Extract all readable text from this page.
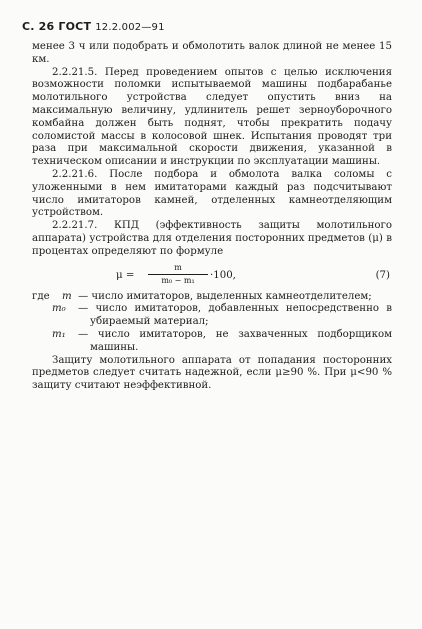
С. 26 ГОСТ 12.2.002—91

менее 3 ч или подобрать и обмолотить валок длиной не менее 15 км.

2.2.21.5. Перед проведением опытов с целью исключения возможности поломки испытываемой машины подбарабанье молотильного устройства следует опустить вниз на максимальную величину, удлинитель решет зерноуборочного комбайна должен быть поднят, чтобы прекратить подачу соломистой массы в колосовой шнек. Испытания проводят три раза при максимальной скорости движения, указанной в техническом описании и инструкции по эксплуатации машины.

2.2.21.6. После подбора и обмолота валка соломы с уложенными в нем имитаторами каждый раз подсчитывают число имитаторов камней, отделенных камнеотделяющим устройством.

2.2.21.7. КПД (эффективность защиты молотильного аппарата) устройства для отделения посторонних предметов (μ) в процентах определяют по формуле

$\mu = \frac{m}{\text{m₀ − m₁}} \cdot 100$,	(7)

где m — число имитаторов, выделенных камнеотделителем;

m₀ — число имитаторов, добавленных непосредственно в убираемый материал;

m₁ — число имитаторов, не захваченных подборщиком машины.

Защиту молотильного аппарата от попадания посторонних предметов следует считать надежной, если μ≥90 %. При μ<90 % защиту считают неэффективной.
